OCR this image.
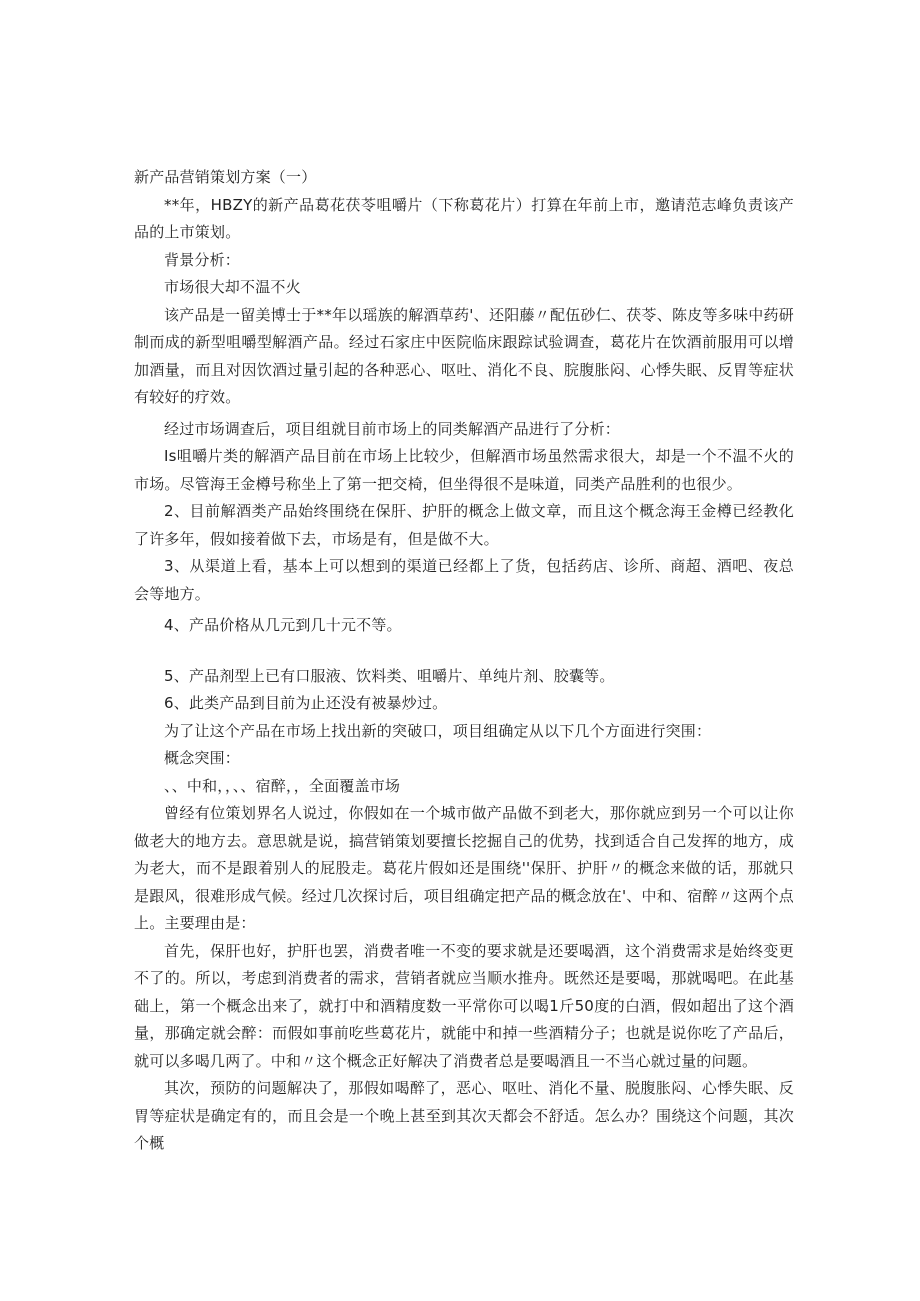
新产品营销策划方案（一）

**年，HBZY的新产品葛花茯苓咀嚼片（下称葛花片）打算在年前上市，邀请范志峰负责该产品的上市策划。

背景分析：

市场很大却不温不火

该产品是一留美博士于**年以瑶族的解酒草药'、还阳藤〃配伍砂仁、茯苓、陈皮等多味中药研制而成的新型咀嚼型解酒产品。经过石家庄中医院临床跟踪试验调查，葛花片在饮酒前服用可以增加酒量，而且对因饮酒过量引起的各种恶心、呕吐、消化不良、脘腹胀闷、心悸失眠、反胃等症状有较好的疗效。

经过市场调查后，项目组就目前市场上的同类解酒产品进行了分析：

Is咀嚼片类的解酒产品目前在市场上比较少，但解酒市场虽然需求很大，却是一个不温不火的市场。尽管海王金樽号称坐上了第一把交椅，但坐得很不是味道，同类产品胜利的也很少。

2、目前解酒类产品始终围绕在保肝、护肝的概念上做文章，而且这个概念海王金樽已经教化了许多年，假如接着做下去，市场是有，但是做不大。

3、从渠道上看，基本上可以想到的渠道已经都上了货，包括药店、诊所、商超、酒吧、夜总会等地方。

4、产品价格从几元到几十元不等。

5、产品剂型上已有口服液、饮料类、咀嚼片、单纯片剂、胶囊等。

6、此类产品到目前为止还没有被暴炒过。

为了让这个产品在市场上找出新的突破口，项目组确定从以下几个方面进行突围：

概念突围：

、、中和，，、、宿醉，，全面覆盖市场

曾经有位策划界名人说过，你假如在一个城市做产品做不到老大，那你就应到另一个可以让你做老大的地方去。意思就是说，搞营销策划要擅长挖掘自己的优势，找到适合自己发挥的地方，成为老大，而不是跟着别人的屁股走。葛花片假如还是围绕''保肝、护肝〃的概念来做的话，那就只是跟风，很难形成气候。经过几次探讨后，项目组确定把产品的概念放在'、中和、宿醉〃这两个点上。主要理由是：

首先，保肝也好，护肝也罢，消费者唯一不变的要求就是还要喝酒，这个消费需求是始终变更不了的。所以，考虑到消费者的需求，营销者就应当顺水推舟。既然还是要喝，那就喝吧。在此基础上，第一个概念出来了，就打中和酒精度数一平常你可以喝1斤50度的白酒，假如超出了这个酒量，那确定就会醉：而假如事前吃些葛花片，就能中和掉一些酒精分子；也就是说你吃了产品后，就可以多喝几两了。中和〃这个概念正好解决了消费者总是要喝酒且一不当心就过量的问题。

其次，预防的问题解决了，那假如喝醉了，恶心、呕吐、消化不量、脱腹胀闷、心悸失眠、反胃等症状是确定有的，而且会是一个晚上甚至到其次天都会不舒适。怎么办？围绕这个问题，其次个概
